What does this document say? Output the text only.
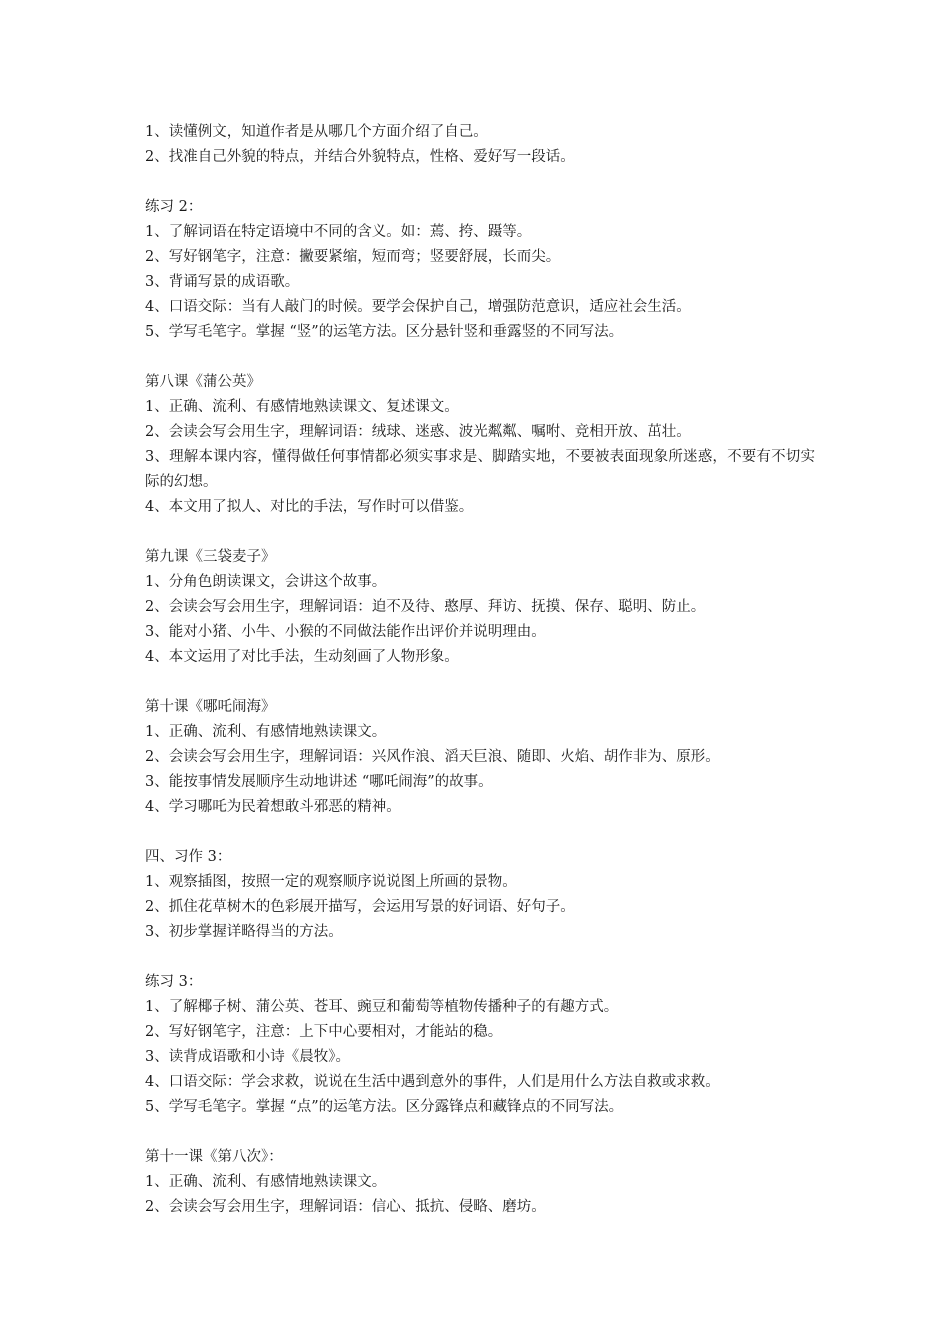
1、读懂例文，知道作者是从哪几个方面介绍了自己。
2、找准自己外貌的特点，并结合外貌特点，性格、爱好写一段话。
练习 2：
1、了解词语在特定语境中不同的含义。如：蔫、挎、蹑等。
2、写好钢笔字，注意：撇要紧缩，短而弯；竖要舒展，长而尖。
3、背诵写景的成语歌。
4、口语交际：当有人敲门的时候。要学会保护自己，增强防范意识，适应社会生活。
5、学写毛笔字。掌握 “竖”的运笔方法。区分悬针竖和垂露竖的不同写法。
第八课《蒲公英》
1、正确、流利、有感情地熟读课文、复述课文。
2、会读会写会用生字，理解词语：绒球、迷惑、波光粼粼、嘱咐、竞相开放、茁壮。
3、理解本课内容，懂得做任何事情都必须实事求是、脚踏实地，不要被表面现象所迷惑，不要有不切实际的幻想。
4、本文用了拟人、对比的手法，写作时可以借鉴。
第九课《三袋麦子》
1、分角色朗读课文，会讲这个故事。
2、会读会写会用生字，理解词语：迫不及待、憨厚、拜访、抚摸、保存、聪明、防止。
3、能对小猪、小牛、小猴的不同做法能作出评价并说明理由。
4、本文运用了对比手法，生动刻画了人物形象。
第十课《哪吒闹海》
1、正确、流利、有感情地熟读课文。
2、会读会写会用生字，理解词语：兴风作浪、滔天巨浪、随即、火焰、胡作非为、原形。
3、能按事情发展顺序生动地讲述 “哪吒闹海”的故事。
4、学习哪吒为民着想敢斗邪恶的精神。
四、习作 3：
1、观察插图，按照一定的观察顺序说说图上所画的景物。
2、抓住花草树木的色彩展开描写，会运用写景的好词语、好句子。
3、初步掌握详略得当的方法。
练习 3：
1、了解椰子树、蒲公英、苍耳、豌豆和葡萄等植物传播种子的有趣方式。
2、写好钢笔字，注意：上下中心要相对，才能站的稳。
3、读背成语歌和小诗《晨牧》。
4、口语交际：学会求救，说说在生活中遇到意外的事件，人们是用什么方法自救或求救。
5、学写毛笔字。掌握 “点”的运笔方法。区分露锋点和藏锋点的不同写法。
第十一课《第八次》：
1、正确、流利、有感情地熟读课文。
2、会读会写会用生字，理解词语：信心、抵抗、侵略、磨坊。
